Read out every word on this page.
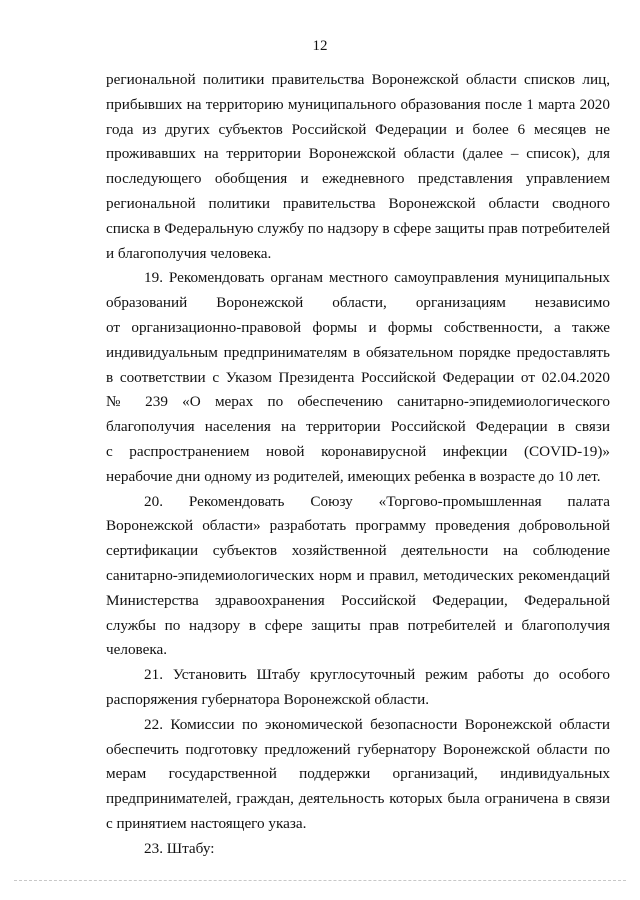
12
региональной политики правительства Воронежской области списков лиц,
прибывших на территорию муниципального образования после 1 марта 2020
года из других субъектов Российской Федерации и более 6 месяцев не
проживавших на территории Воронежской области (далее – список), для
последующего обобщения и ежедневного представления управлением
региональной политики правительства Воронежской области сводного
списка в Федеральную службу по надзору в сфере защиты прав потребителей
и благополучия человека.
19. Рекомендовать органам местного самоуправления муниципальных
образований Воронежской области, организациям независимо
от организационно-правовой формы и формы собственности, а также
индивидуальным предпринимателям в обязательном порядке предоставлять
в соответствии с Указом Президента Российской Федерации от 02.04.2020
№ 239 «О мерах по обеспечению санитарно-эпидемиологического
благополучия населения на территории Российской Федерации в связи
с распространением новой коронавирусной инфекции (COVID-19)»
нерабочие дни одному из родителей, имеющих ребенка в возрасте до 10 лет.
20. Рекомендовать Союзу «Торгово-промышленная палата
Воронежской области» разработать программу проведения добровольной
сертификации субъектов хозяйственной деятельности на соблюдение
санитарно-эпидемиологических норм и правил, методических рекомендаций
Министерства здравоохранения Российской Федерации, Федеральной
службы по надзору в сфере защиты прав потребителей и благополучия
человека.
21. Установить Штабу круглосуточный режим работы до особого
распоряжения губернатора Воронежской области.
22. Комиссии по экономической безопасности Воронежской области
обеспечить подготовку предложений губернатору Воронежской области по
мерам государственной поддержки организаций, индивидуальных
предпринимателей, граждан, деятельность которых была ограничена в связи
с принятием настоящего указа.
23. Штабу:
